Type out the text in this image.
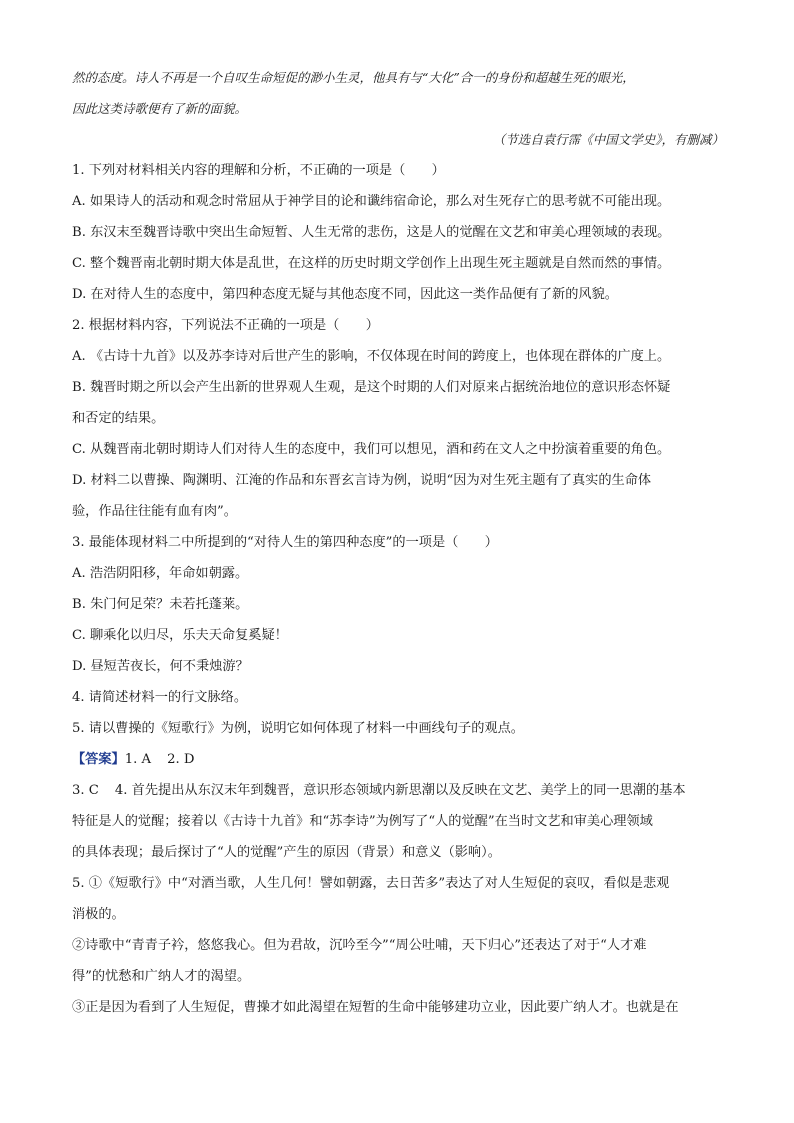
然的态度。诗人不再是一个自叹生命短促的渺小生灵，他具有与“大化”合一的身份和超越生死的眼光，
因此这类诗歌便有了新的面貌。
（节选自袁行霈《中国文学史》，有删减）
1. 下列对材料相关内容的理解和分析，不正确的一项是（　　）
A. 如果诗人的活动和观念时常屈从于神学目的论和谶纬宿命论，那么对生死存亡的思考就不可能出现。
B. 东汉末至魏晋诗歌中突出生命短暂、人生无常的悲伤，这是人的觉醒在文艺和审美心理领域的表现。
C. 整个魏晋南北朝时期大体是乱世，在这样的历史时期文学创作上出现生死主题就是自然而然的事情。
D. 在对待人生的态度中，第四种态度无疑与其他态度不同，因此这一类作品便有了新的风貌。
2. 根据材料内容，下列说法不正确的一项是（　　）
A. 《古诗十九首》以及苏李诗对后世产生的影响，不仅体现在时间的跨度上，也体现在群体的广度上。
B. 魏晋时期之所以会产生出新的世界观人生观，是这个时期的人们对原来占据统治地位的意识形态怀疑
和否定的结果。
C. 从魏晋南北朝时期诗人们对待人生的态度中，我们可以想见，酒和药在文人之中扮演着重要的角色。
D. 材料二以曹操、陶渊明、江淹的作品和东晋玄言诗为例，说明“因为对生死主题有了真实的生命体
验，作品往往能有血有肉”。
3. 最能体现材料二中所提到的“对待人生的第四种态度”的一项是（　　）
A. 浩浩阴阳移，年命如朝露。
B. 朱门何足荣？未若托蓬莱。
C. 聊乘化以归尽，乐夫天命复奚疑！
D. 昼短苦夜长，何不秉烛游？
4. 请简述材料一的行文脉络。
5. 请以曹操的《短歌行》为例，说明它如何体现了材料一中画线句子的观点。
【答案】1. A 2. D
3. C 4. 首先提出从东汉末年到魏晋，意识形态领域内新思潮以及反映在文艺、美学上的同一思潮的基本
特征是人的觉醒；接着以《古诗十九首》和“苏李诗”为例写了“人的觉醒”在当时文艺和审美心理领域
的具体表现；最后探讨了“人的觉醒”产生的原因（背景）和意义（影响）。
5. ①《短歌行》中“对酒当歌，人生几何！譬如朝露，去日苦多”表达了对人生短促的哀叹，看似是悲观
消极的。
②诗歌中“青青子衿，悠悠我心。但为君故，沉吟至今”“周公吐哺，天下归心”还表达了对于“人才难
得”的忧愁和广纳人才的渴望。
③正是因为看到了人生短促，曹操才如此渴望在短暂的生命中能够建功立业，因此要广纳人才。也就是在
